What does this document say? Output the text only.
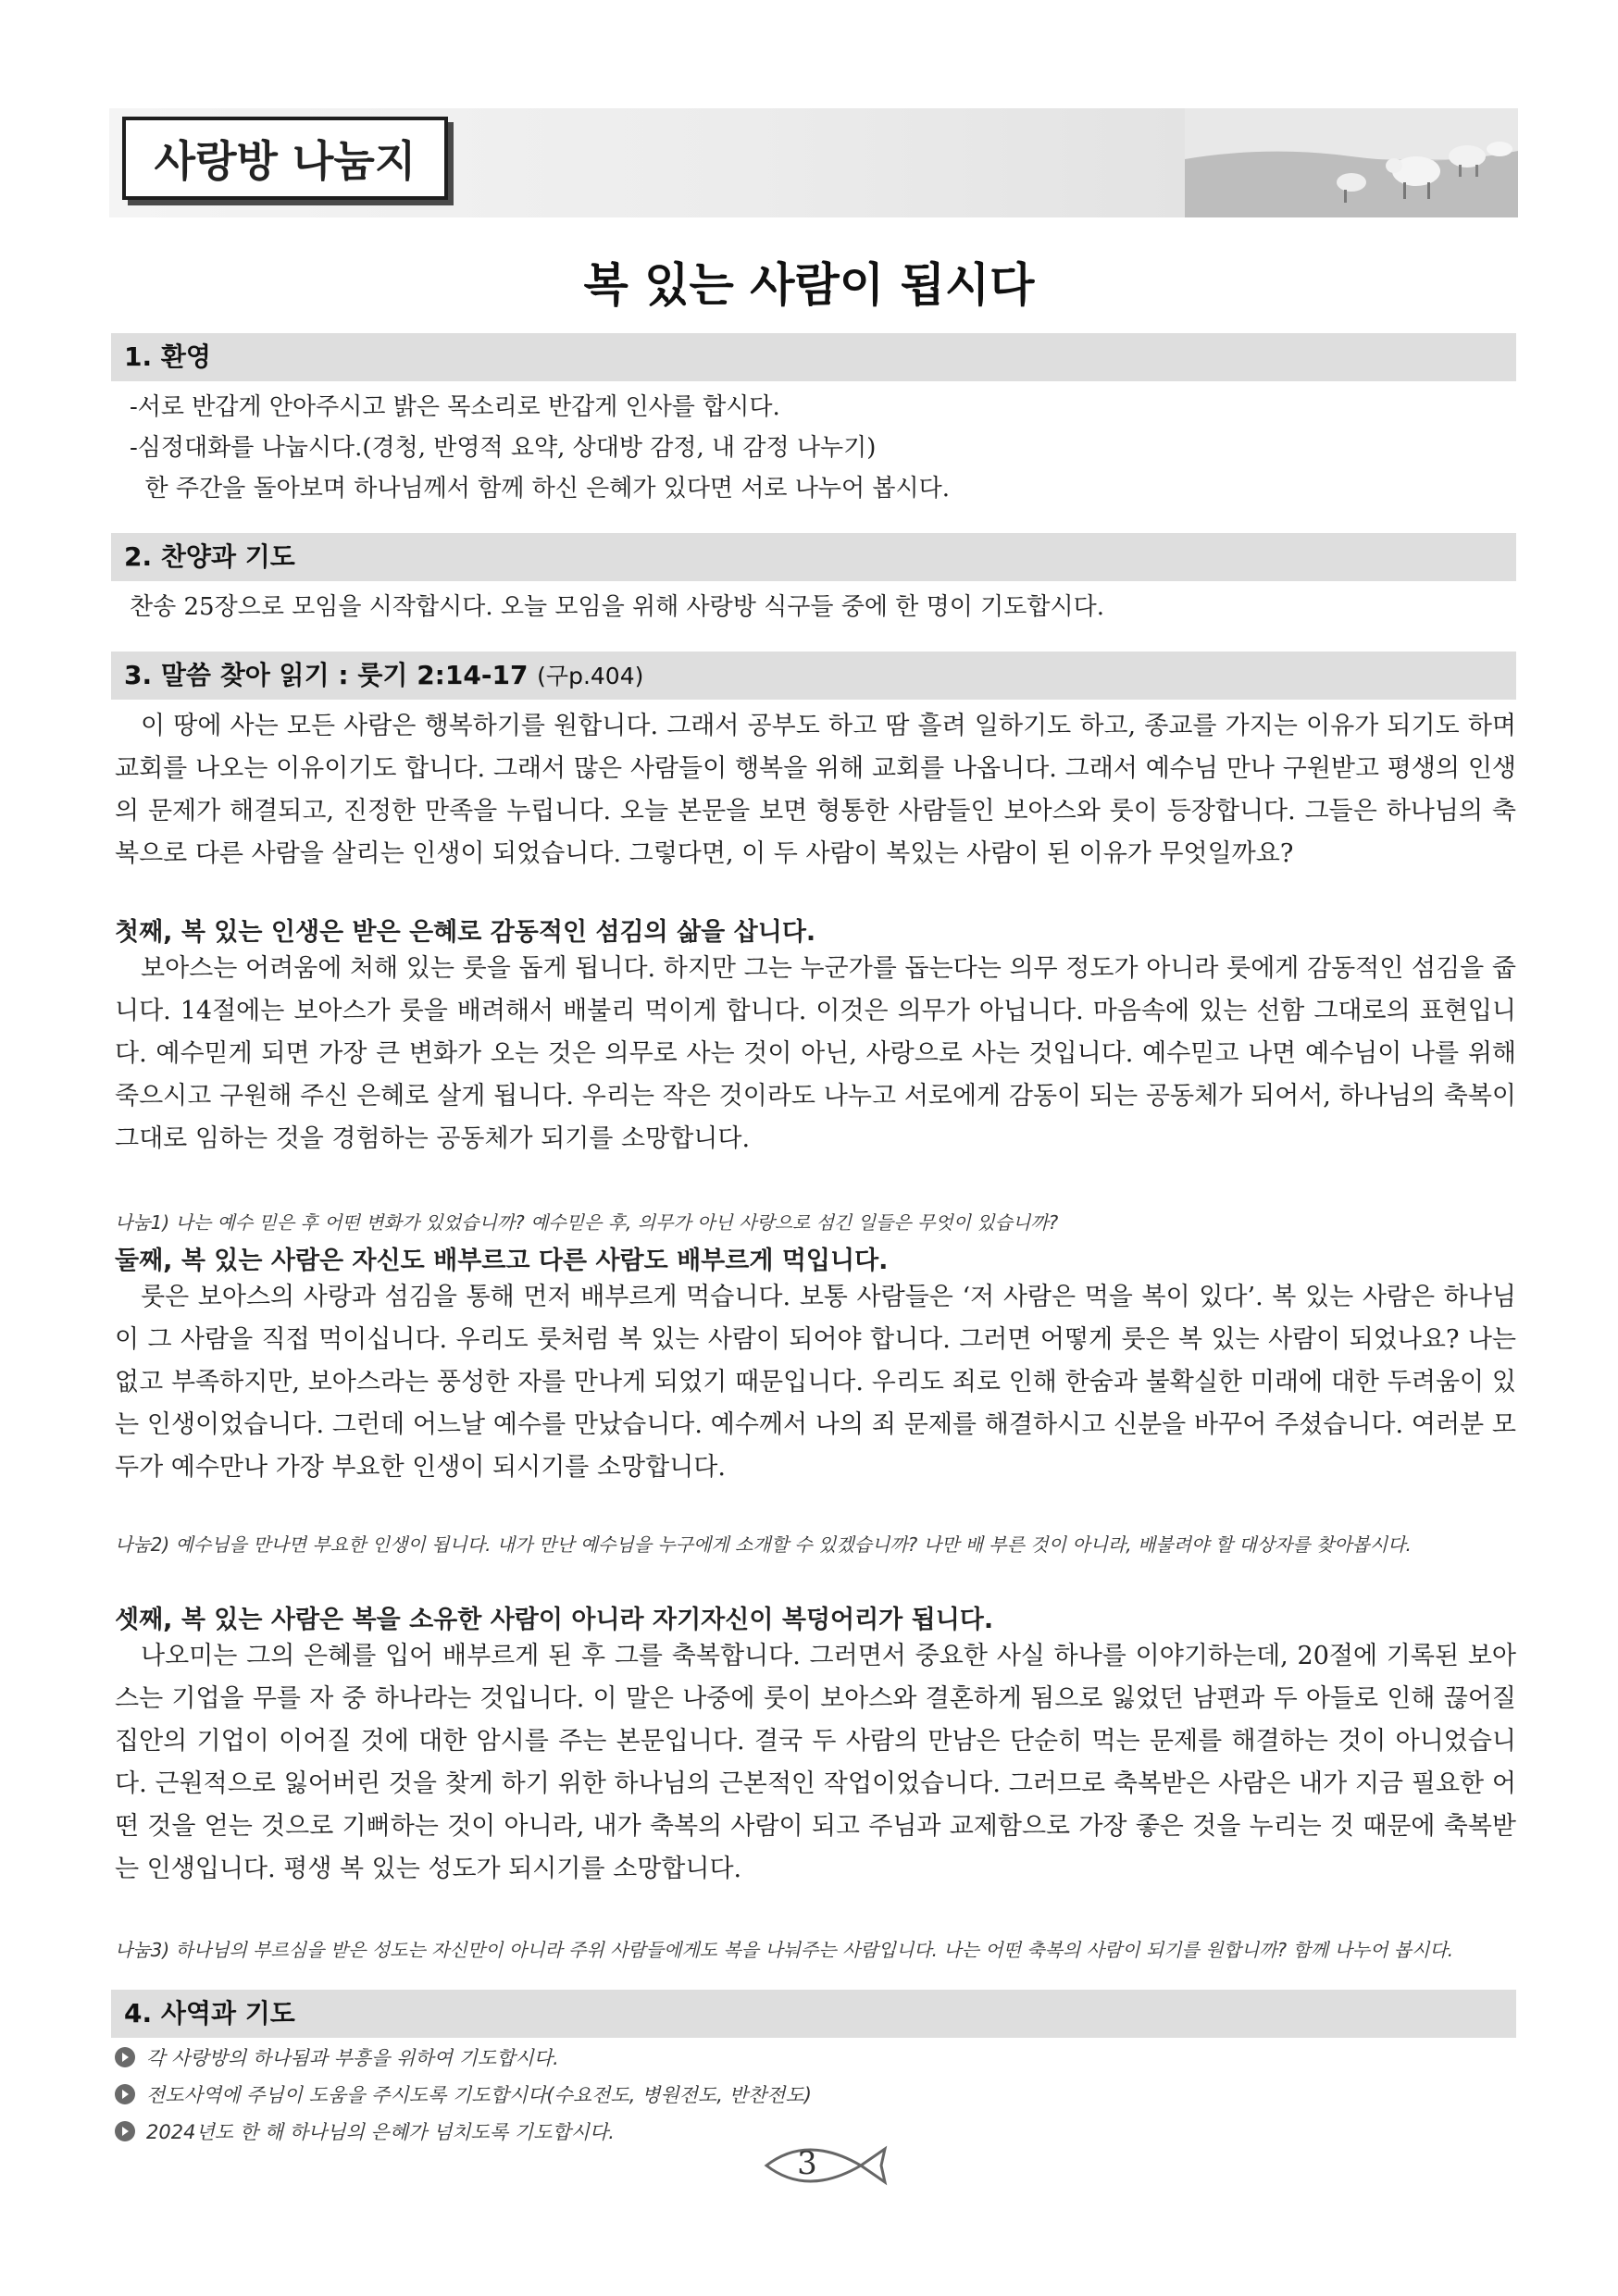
사랑방 나눔지
복 있는 사람이 됩시다
1. 환영
-서로 반갑게 안아주시고 밝은 목소리로 반갑게 인사를 합시다.
-심정대화를 나눕시다.(경청, 반영적 요약, 상대방 감정, 내 감정 나누기)
한 주간을 돌아보며 하나님께서 함께 하신 은혜가 있다면 서로 나누어 봅시다.
2. 찬양과 기도
찬송 25장으로 모임을 시작합시다. 오늘 모임을 위해 사랑방 식구들 중에 한 명이 기도합시다.
3. 말씀 찾아 읽기 : 룻기 2:14-17 (구p.404)

이 땅에 사는 모든 사람은 행복하기를 원합니다. 그래서 공부도 하고 땀 흘려 일하기도 하고, 종교를 가지는 이유가 되기도 하며 교회를 나오는 이유이기도 합니다. 그래서 많은 사람들이 행복을 위해 교회를 나옵니다. 그래서 예수님 만나 구원받고 평생의 인생의 문제가 해결되고, 진정한 만족을 누립니다. 오늘 본문을 보면 형통한 사람들인 보아스와 룻이 등장합니다. 그들은 하나님의 축복으로 다른 사람을 살리는 인생이 되었습니다. 그렇다면, 이 두 사람이 복있는 사람이 된 이유가 무엇일까요?

첫째, 복 있는 인생은 받은 은혜로 감동적인 섬김의 삶을 삽니다.

보아스는 어려움에 처해 있는 룻을 돕게 됩니다. 하지만 그는 누군가를 돕는다는 의무 정도가 아니라 룻에게 감동적인 섬김을 줍니다. 14절에는 보아스가 룻을 배려해서 배불리 먹이게 합니다. 이것은 의무가 아닙니다. 마음속에 있는 선함 그대로의 표현입니다. 예수믿게 되면 가장 큰 변화가 오는 것은 의무로 사는 것이 아닌, 사랑으로 사는 것입니다. 예수믿고 나면 예수님이 나를 위해 죽으시고 구원해 주신 은혜로 살게 됩니다. 우리는 작은 것이라도 나누고 서로에게 감동이 되는 공동체가 되어서, 하나님의 축복이 그대로 임하는 것을 경험하는 공동체가 되기를 소망합니다.

나눔1) 나는 예수 믿은 후 어떤 변화가 있었습니까? 예수믿은 후, 의무가 아닌 사랑으로 섬긴 일들은 무엇이 있습니까?
둘째, 복 있는 사람은 자신도 배부르고 다른 사람도 배부르게 먹입니다.

룻은 보아스의 사랑과 섬김을 통해 먼저 배부르게 먹습니다. 보통 사람들은 ‘저 사람은 먹을 복이 있다’. 복 있는 사람은 하나님이 그 사람을 직접 먹이십니다. 우리도 룻처럼 복 있는 사람이 되어야 합니다. 그러면 어떻게 룻은 복 있는 사람이 되었나요? 나는 없고 부족하지만, 보아스라는 풍성한 자를 만나게 되었기 때문입니다. 우리도 죄로 인해 한숨과 불확실한 미래에 대한 두려움이 있는 인생이었습니다. 그런데 어느날 예수를 만났습니다. 예수께서 나의 죄 문제를 해결하시고 신분을 바꾸어 주셨습니다. 여러분 모두가 예수만나 가장 부요한 인생이 되시기를 소망합니다.

나눔2) 예수님을 만나면 부요한 인생이 됩니다. 내가 만난 예수님을 누구에게 소개할 수 있겠습니까? 나만 배 부른 것이 아니라, 배불려야 할 대상자를 찾아봅시다.
셋째, 복 있는 사람은 복을 소유한 사람이 아니라 자기자신이 복덩어리가 됩니다.

나오미는 그의 은혜를 입어 배부르게 된 후 그를 축복합니다. 그러면서 중요한 사실 하나를 이야기하는데, 20절에 기록된 보아스는 기업을 무를 자 중 하나라는 것입니다. 이 말은 나중에 룻이 보아스와 결혼하게 됨으로 잃었던 남편과 두 아들로 인해 끊어질 집안의 기업이 이어질 것에 대한 암시를 주는 본문입니다. 결국 두 사람의 만남은 단순히 먹는 문제를 해결하는 것이 아니었습니다. 근원적으로 잃어버린 것을 찾게 하기 위한 하나님의 근본적인 작업이었습니다. 그러므로 축복받은 사람은 내가 지금 필요한 어떤 것을 얻는 것으로 기뻐하는 것이 아니라, 내가 축복의 사람이 되고 주님과 교제함으로 가장 좋은 것을 누리는 것 때문에 축복받는 인생입니다. 평생 복 있는 성도가 되시기를 소망합니다.

나눔3) 하나님의 부르심을 받은 성도는 자신만이 아니라 주위 사람들에게도 복을 나눠주는 사람입니다. 나는 어떤 축복의 사람이 되기를 원합니까? 함께 나누어 봅시다.
4. 사역과 기도
각 사랑방의 하나됨과 부흥을 위하여 기도합시다.
전도사역에 주님이 도움을 주시도록 기도합시다(수요전도, 병원전도, 반찬전도)
2024년도 한 해 하나님의 은혜가 넘치도록 기도합시다.
3
